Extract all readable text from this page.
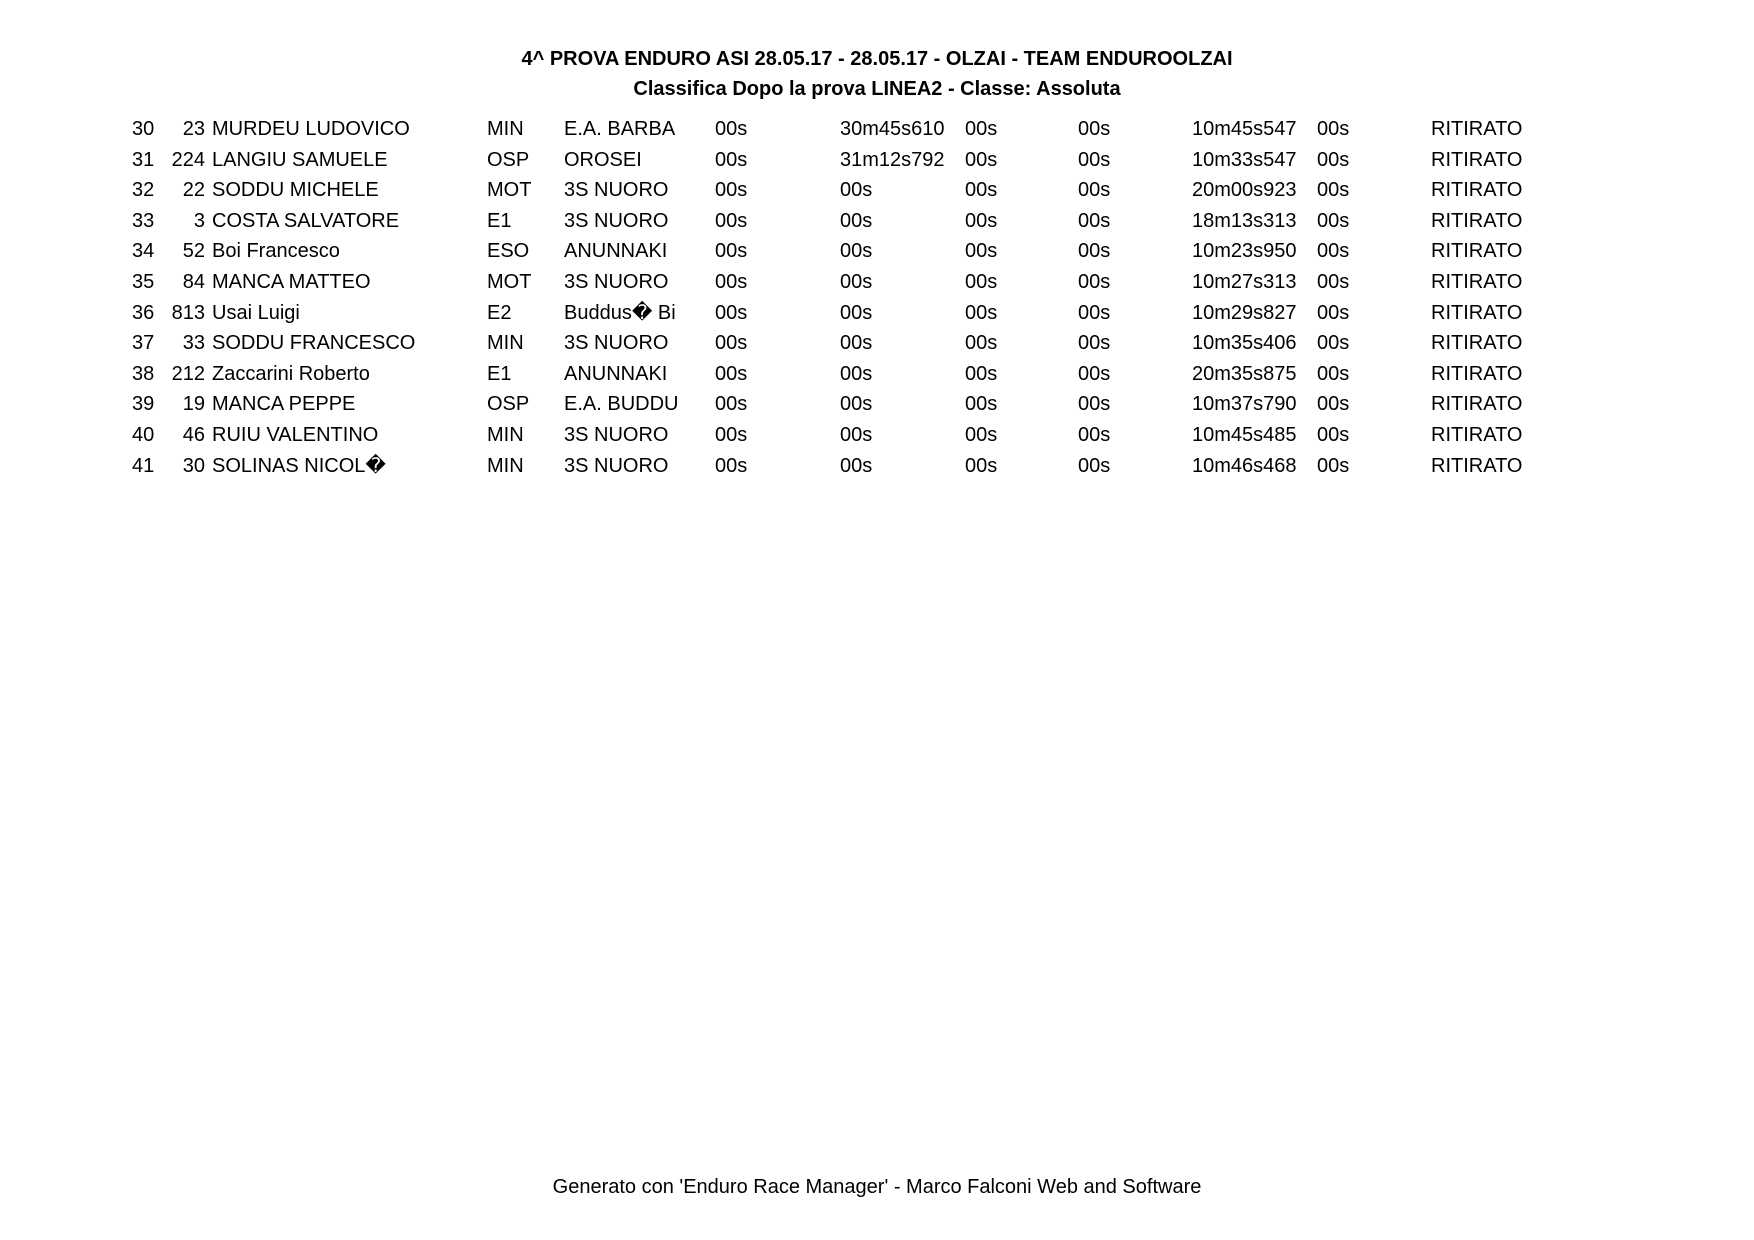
4^ PROVA ENDURO ASI 28.05.17 - 28.05.17 - OLZAI - TEAM ENDUROOLZAI
Classifica Dopo la prova LINEA2 - Classe: Assoluta
30	23 MURDEU LUDOVICO	MIN E.A. BARBA 00s	30m45s610 00s	00s	10m45s547 00s	RITIRATO
31 224 LANGIU SAMUELE	OSP OROSEI	00s	31m12s792 00s	00s	10m33s547 00s	RITIRATO
32	22 SODDU MICHELE	MOT 3S NUORO 00s	00s	00s	00s	20m00s923 00s	RITIRATO
33	3 COSTA SALVATORE	E1	3S NUORO 00s	00s	00s	00s	18m13s313 00s	RITIRATO
34	52 Boi Francesco	ESO ANUNNAKI 00s	00s	00s	00s	10m23s950 00s	RITIRATO
35	84 MANCA MATTEO	MOT 3S NUORO 00s	00s	00s	00s	10m27s313 00s	RITIRATO
36 813 Usai Luigi	E2	Buddus� Bi 00s	00s	00s	00s	10m29s827 00s	RITIRATO
37	33 SODDU FRANCESCO	MIN 3S NUORO 00s	00s	00s	00s	10m35s406 00s	RITIRATO
38 212 Zaccarini Roberto	E1	ANUNNAKI 00s	00s	00s	00s	20m35s875 00s	RITIRATO
39	19 MANCA PEPPE	OSP E.A. BUDDU 00s	00s	00s	00s	10m37s790 00s	RITIRATO
40	46 RUIU VALENTINO	MIN 3S NUORO 00s	00s	00s	00s	10m45s485 00s	RITIRATO
41	30 SOLINAS NICOL�	MIN 3S NUORO 00s	00s	00s	00s	10m46s468 00s	RITIRATO
Generato con 'Enduro Race Manager' - Marco Falconi Web and Software
